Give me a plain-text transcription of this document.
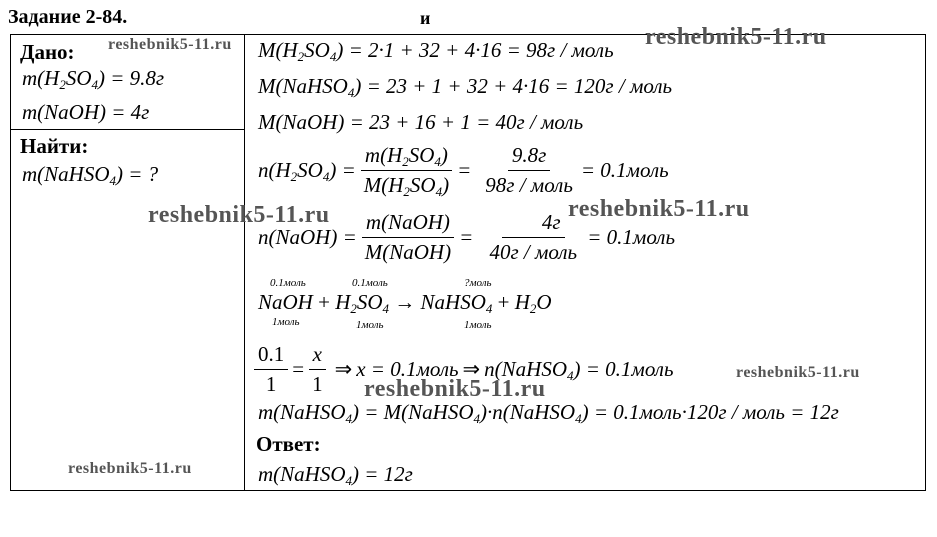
Задание 2-84.	и
Дано:
$m(H_2SO_4) = 9.8г$
m(NaOH) = 4г
Найти:
m(NaHSO$_4$) = ?
$M(H_2SO_4) = 2\cdot 1 + 32 + 4\cdot 16 = 98г$ / моль
M(NaHSO$_4$) = 23 + 1 + 32 + 4·16 = 120г / моль
M(NaOH) = 23 + 16 + 1 = 40г / моль
$n(H_2SO_4) = \frac{m(H_2SO_4)}{M(H_2SO_4)} = \frac{9.8г}{\text{98г / моль}}$ = 0.1моль
n(NaOH) = $\frac{\text{m(NaOH)}}{\text{M(NaOH)}} = \frac{4г}{\text{40г / моль}}$ = 0.1моль
0.1моль	0.1моль	?моль
NaOH + $H_2SO_4$ → NaHSO$_4$ + $H_2O$
1моль	1моль	1моль
$\frac{0.1}{1} = \frac{x}{1}$ ⇒ x = 0.1моль ⇒ n(NaHSO$_4$) = 0.1моль
m(NaHSO$_4$) = M(NaHSO$_4$)·n(NaHSO$_4$) = 0.1моль·120г / моль = 12г
Ответ:
m(NaHSO$_4$) = 12г
reshebnik5-11.ru	reshebnik5-11.ru
reshebnik5-11.ru	reshebnik5-11.ru
reshebnik5-11.ru
reshebnik5-11.ru
reshebnik5-11.ru
